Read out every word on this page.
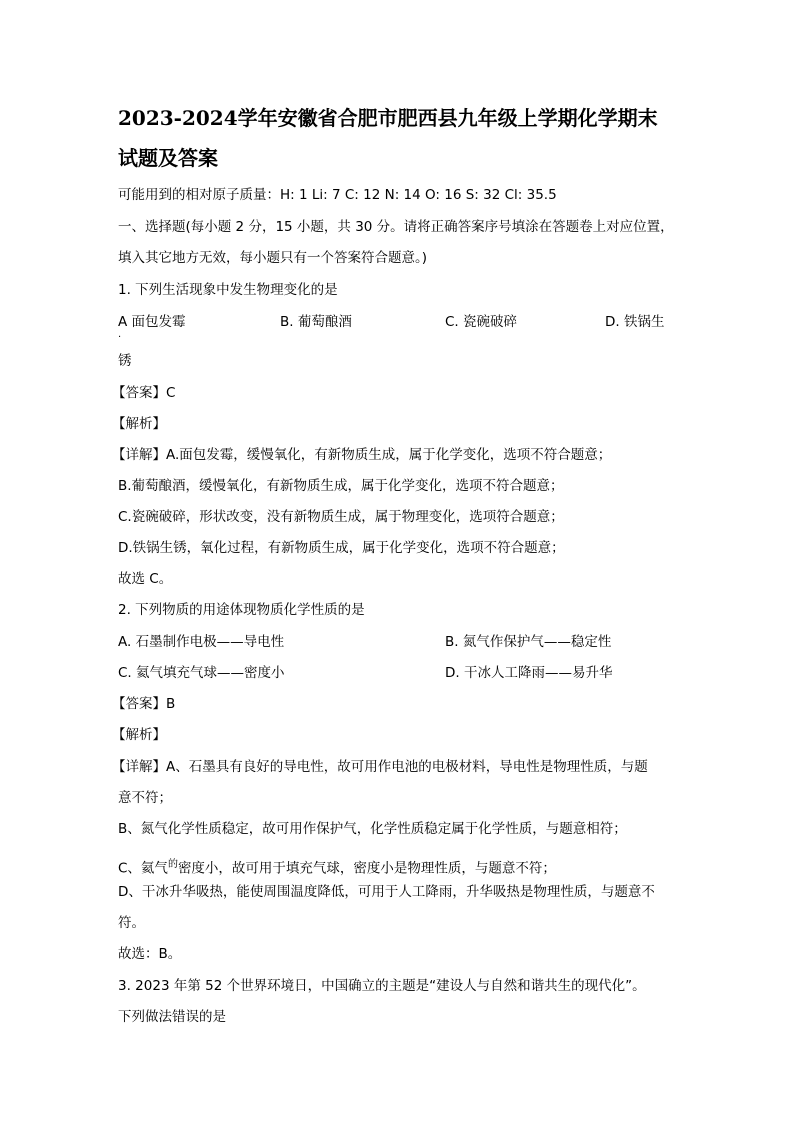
2023-2024学年安徽省合肥市肥西县九年级上学期化学期末
试题及答案
可能用到的相对原子质量：H: 1 Li: 7 C: 12 N: 14 O: 16 S: 32 Cl: 35.5
一、选择题(每小题 2 分，15 小题，共 30 分。请将正确答案序号填涂在答题卷上对应位置，
填入其它地方无效，每小题只有一个答案符合题意。)
1. 下列生活现象中发生物理变化的是
A 面包发霉
.
B. 葡萄酿酒	C. 瓷碗破碎	D. 铁锅生
锈
【答案】C
【解析】
【详解】A.面包发霉，缓慢氧化，有新物质生成，属于化学变化，选项不符合题意；
B.葡萄酿酒，缓慢氧化，有新物质生成，属于化学变化，选项不符合题意；
C.瓷碗破碎，形状改变，没有新物质生成，属于物理变化，选项符合题意；
D.铁锅生锈，氧化过程，有新物质生成，属于化学变化，选项不符合题意；
故选 C。
2. 下列物质的用途体现物质化学性质的是
A. 石墨制作电极——导电性	B. 氮气作保护气——稳定性
C. 氦气填充气球——密度小	D. 干冰人工降雨——易升华
【答案】B
【解析】
【详解】A、石墨具有良好的导电性，故可用作电池的电极材料，导电性是物理性质，与题
意不符；
B、氮气化学性质稳定，故可用作保护气，化学性质稳定属于化学性质，与题意相符；
C、氦气$^的$密度小，故可用于填充气球，密度小是物理性质，与题意不符；
D、干冰升华吸热，能使周围温度降低，可用于人工降雨，升华吸热是物理性质，与题意不
符。
故选：B。
3. 2023 年第 52 个世界环境日，中国确立的主题是“建设人与自然和谐共生的现代化”。
下列做法错误的是
